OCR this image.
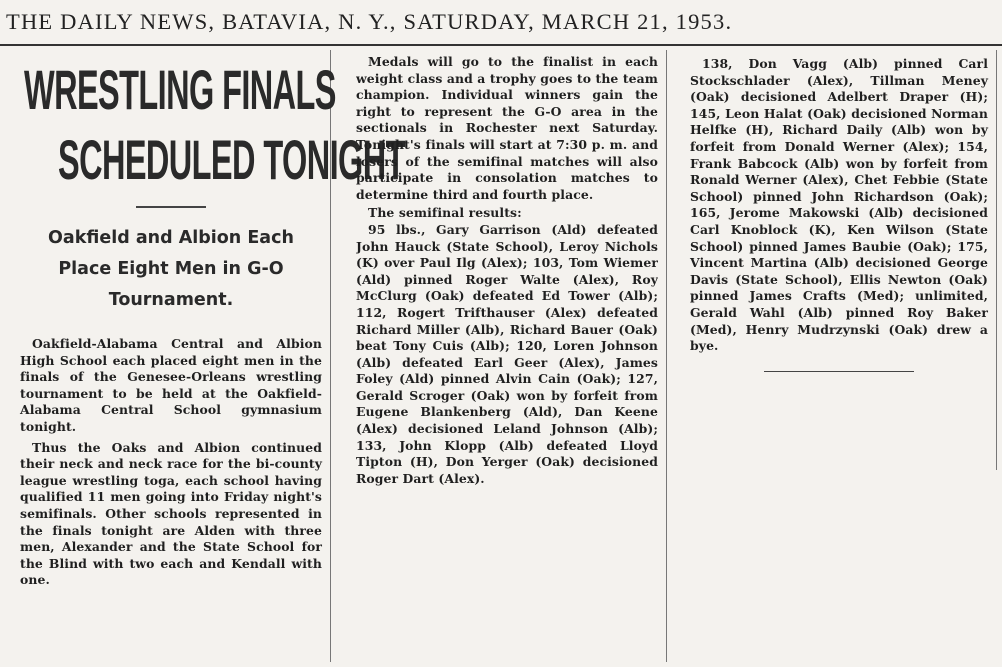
THE DAILY NEWS, BATAVIA, N. Y., SATURDAY, MARCH 21, 1953.
WRESTLING FINALS
SCHEDULED TONIGHT
Oakfield and Albion Each Place Eight Men in G-O Tournament.

Oakfield-Alabama Central and Albion High School each placed eight men in the finals of the Genesee-Orleans wrestling tournament to be held at the Oakfield-Alabama Central School gymnasium tonight.

Thus the Oaks and Albion continued their neck and neck race for the bi-county league wrestling toga, each school having qualified 11 men going into Friday night's semifinals. Other schools represented in the finals tonight are Alden with three men, Alexander and the State School for the Blind with two each and Kendall with one.

Medals will go to the finalist in each weight class and a trophy goes to the team champion. Individual winners gain the right to represent the G-O area in the sectionals in Rochester next Saturday. Tonight's finals will start at 7:30 p. m. and losers of the semifinal matches will also participate in consolation matches to determine third and fourth place.

The semifinal results:

95 lbs., Gary Garrison (Ald) defeated John Hauck (State School), Leroy Nichols (K) over Paul Ilg (Alex); 103, Tom Wiemer (Ald) pinned Roger Walte (Alex), Roy McClurg (Oak) defeated Ed Tower (Alb); 112, Rogert Trifthauser (Alex) defeated Richard Miller (Alb), Richard Bauer (Oak) beat Tony Cuis (Alb); 120, Loren Johnson (Alb) defeated Earl Geer (Alex), James Foley (Ald) pinned Alvin Cain (Oak); 127, Gerald Scroger (Oak) won by forfeit from Eugene Blankenberg (Ald), Dan Keene (Alex) decisioned Leland Johnson (Alb); 133, John Klopp (Alb) defeated Lloyd Tipton (H), Don Yerger (Oak) decisioned Roger Dart (Alex).

138, Don Vagg (Alb) pinned Carl Stockschlader (Alex), Tillman Meney (Oak) decisioned Adelbert Draper (H); 145, Leon Halat (Oak) decisioned Norman Helfke (H), Richard Daily (Alb) won by forfeit from Donald Werner (Alex); 154, Frank Babcock (Alb) won by forfeit from Ronald Werner (Alex), Chet Febbie (State School) pinned John Richardson (Oak); 165, Jerome Makowski (Alb) decisioned Carl Knoblock (K), Ken Wilson (State School) pinned James Baubie (Oak); 175, Vincent Martina (Alb) decisioned George Davis (State School), Ellis Newton (Oak) pinned James Crafts (Med); unlimited, Gerald Wahl (Alb) pinned Roy Baker (Med), Henry Mudrzynski (Oak) drew a bye.
